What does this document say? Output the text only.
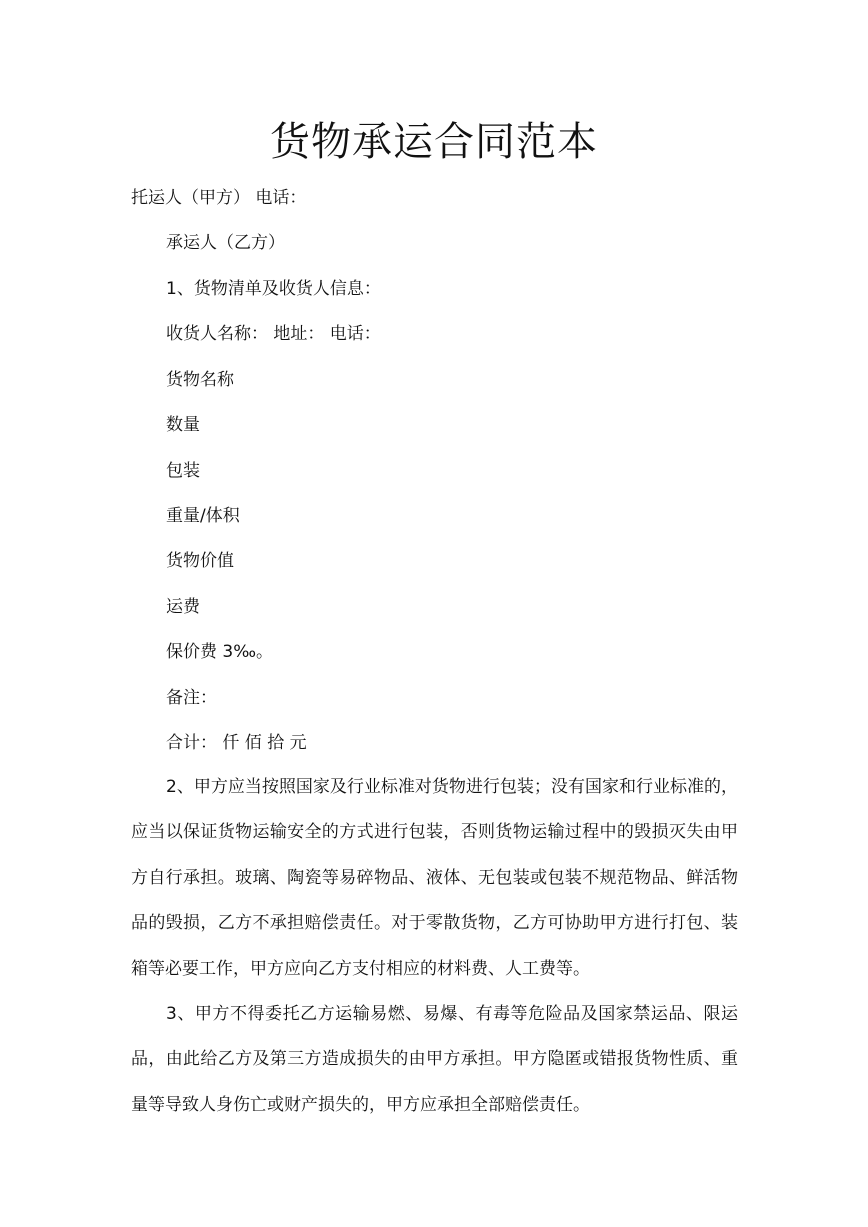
货物承运合同范本

托运人（甲方） 电话：

承运人（乙方）

1、货物清单及收货人信息：

收货人名称： 地址： 电话：

货物名称

数量

包装

重量/体积

货物价值

运费

保价费 3‰。

备注：

合计： 仟 佰 拾 元

2、甲方应当按照国家及行业标准对货物进行包装；没有国家和行业标准的，应当以保证货物运输安全的方式进行包装，否则货物运输过程中的毁损灭失由甲方自行承担。玻璃、陶瓷等易碎物品、液体、无包装或包装不规范物品、鲜活物品的毁损，乙方不承担赔偿责任。对于零散货物，乙方可协助甲方进行打包、装箱等必要工作，甲方应向乙方支付相应的材料费、人工费等。

3、甲方不得委托乙方运输易燃、易爆、有毒等危险品及国家禁运品、限运品，由此给乙方及第三方造成损失的由甲方承担。甲方隐匿或错报货物性质、重量等导致人身伤亡或财产损失的，甲方应承担全部赔偿责任。
